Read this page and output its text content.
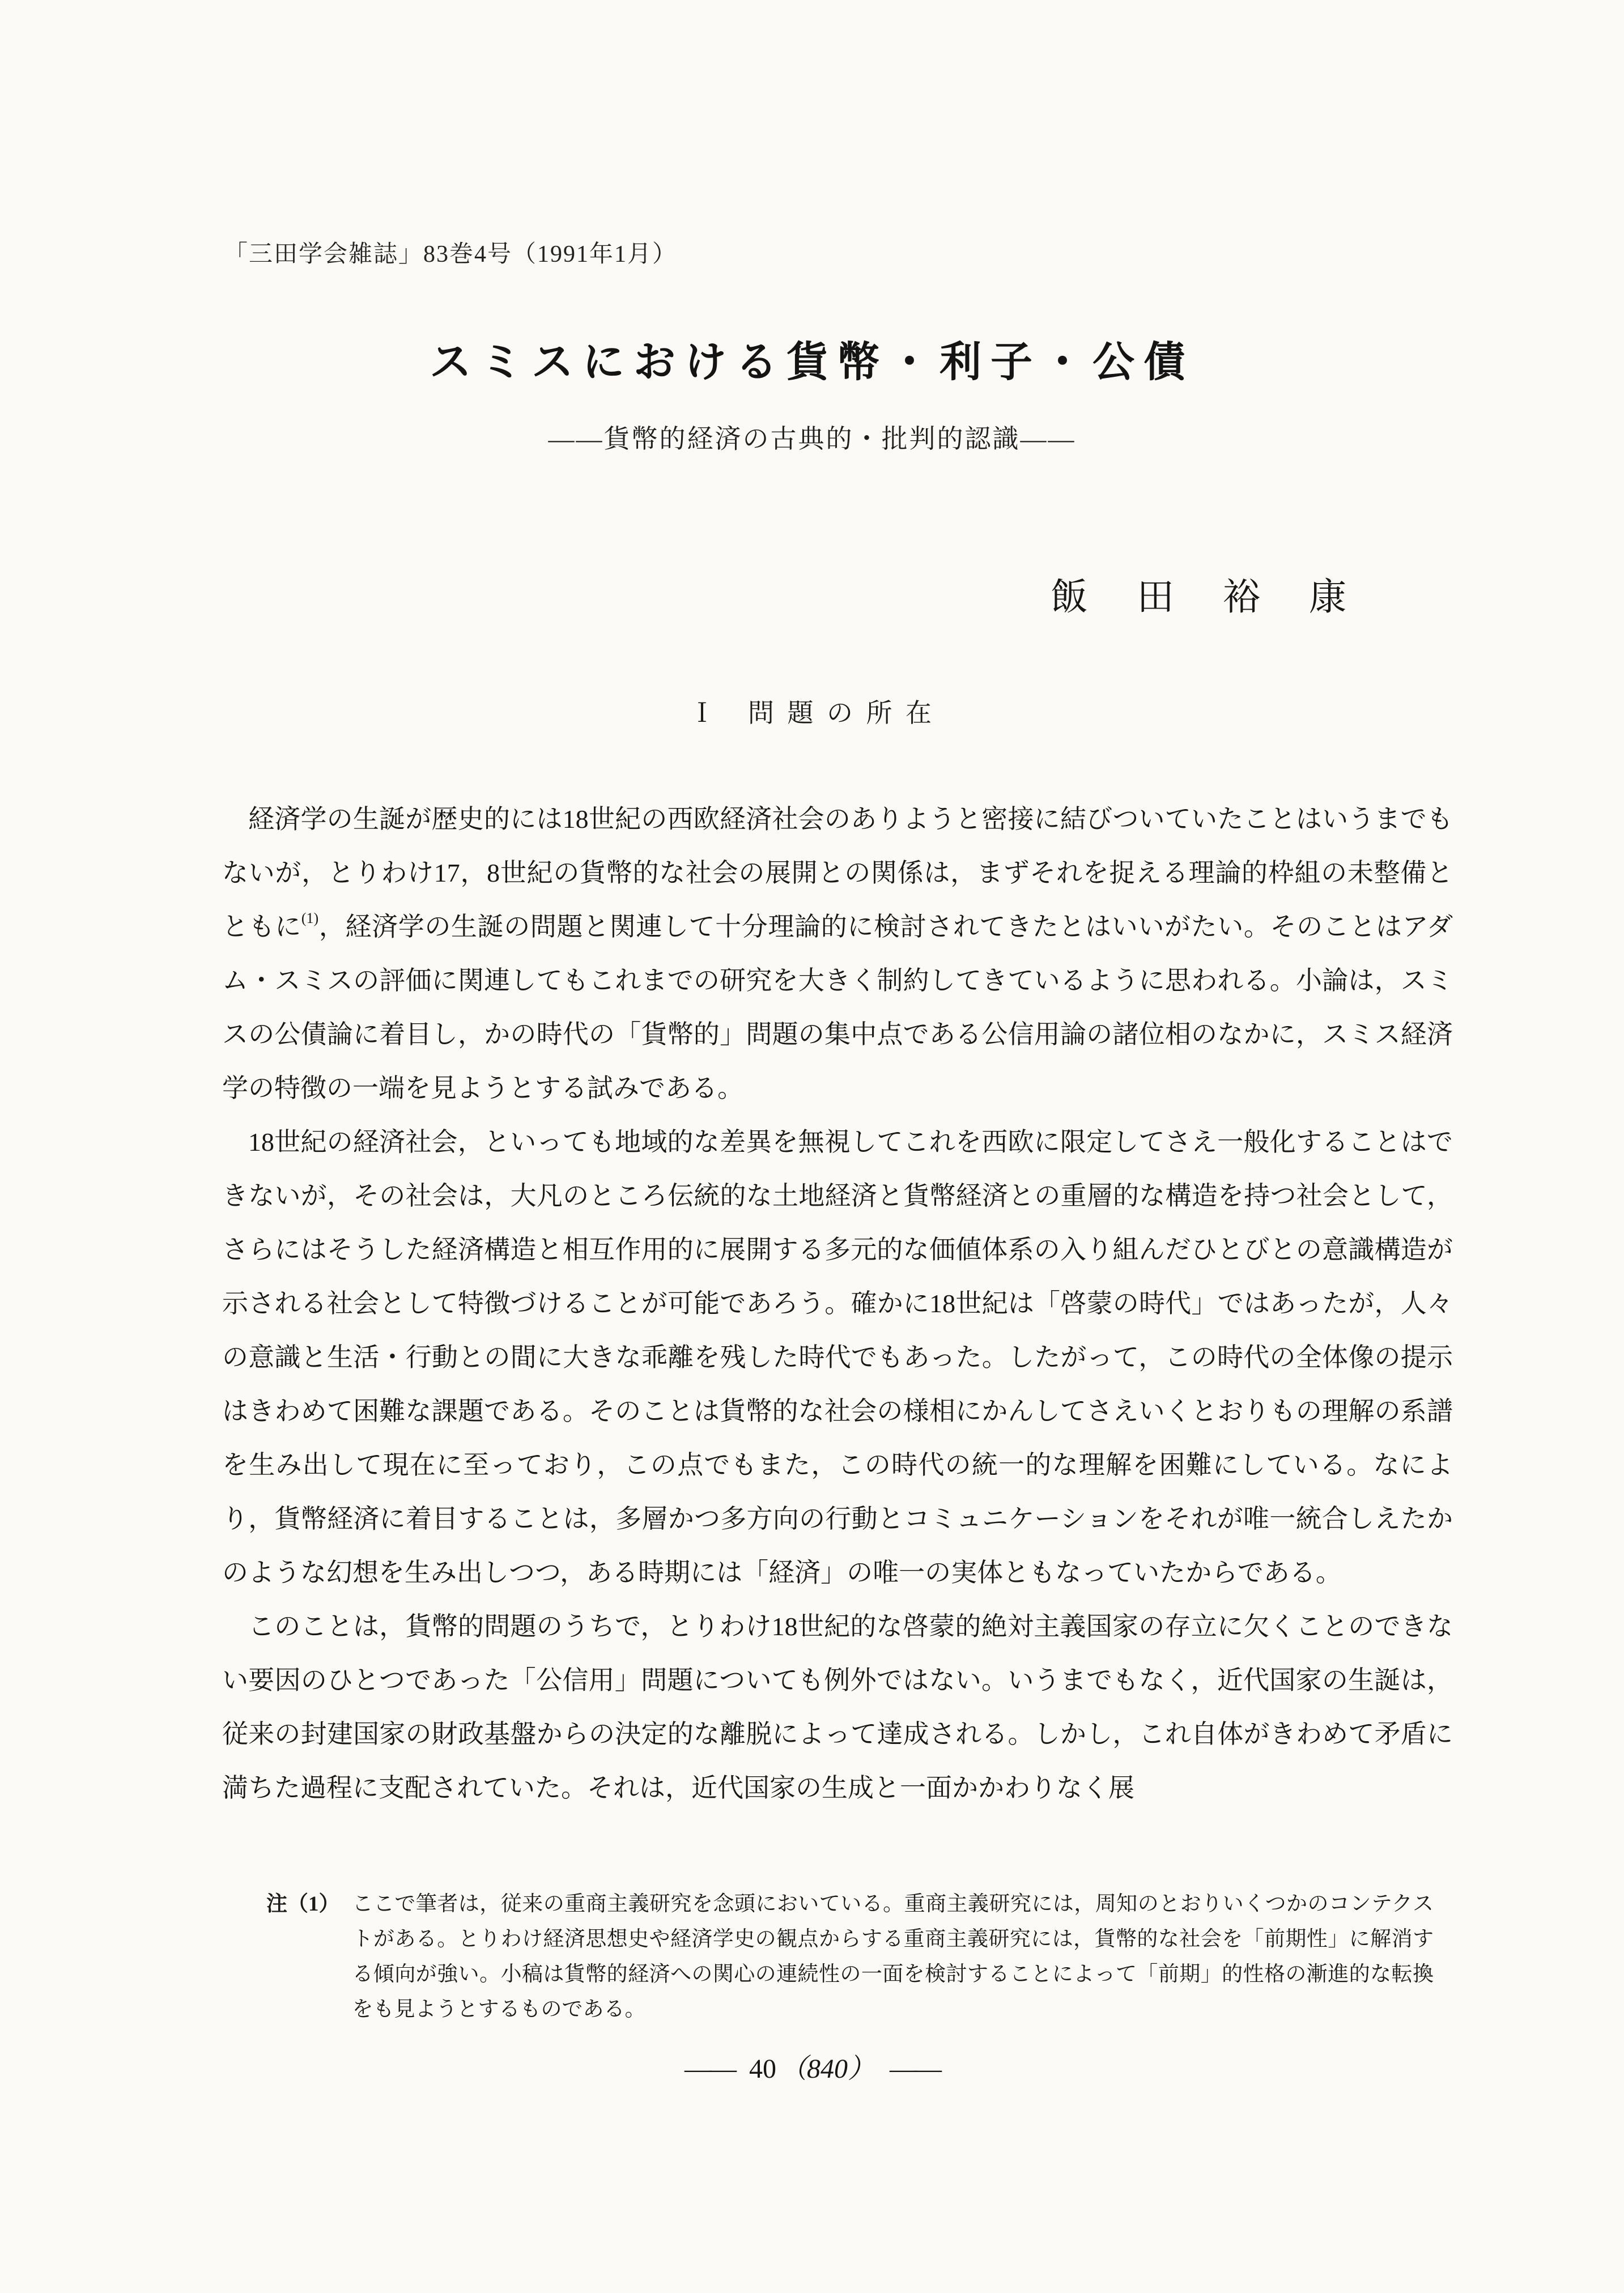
「三田学会雑誌」83巻4号（1991年1月）
スミスにおける貨幣・利子・公債
――貨幣的経済の古典的・批判的認識――
飯　田　裕　康
Ｉ　問 題 の 所 在

経済学の生誕が歴史的には18世紀の西欧経済社会のありようと密接に結びついていたことはいうまでもないが，とりわけ17，8世紀の貨幣的な社会の展開との関係は，まずそれを捉える理論的枠組の未整備とともに$^{(1)}$，経済学の生誕の問題と関連して十分理論的に検討されてきたとはいいがたい。そのことはアダム・スミスの評価に関連してもこれまでの研究を大きく制約してきているように思われる。小論は，スミスの公債論に着目し，かの時代の「貨幣的」問題の集中点である公信用論の諸位相のなかに，スミス経済学の特徴の一端を見ようとする試みである。

18世紀の経済社会，といっても地域的な差異を無視してこれを西欧に限定してさえ一般化することはできないが，その社会は，大凡のところ伝統的な土地経済と貨幣経済との重層的な構造を持つ社会として，さらにはそうした経済構造と相互作用的に展開する多元的な価値体系の入り組んだひとびとの意識構造が示される社会として特徴づけることが可能であろう。確かに18世紀は「啓蒙の時代」ではあったが，人々の意識と生活・行動との間に大きな乖離を残した時代でもあった。したがって，この時代の全体像の提示はきわめて困難な課題である。そのことは貨幣的な社会の様相にかんしてさえいくとおりもの理解の系譜を生み出して現在に至っており，この点でもまた，この時代の統一的な理解を困難にしている。なにより，貨幣経済に着目することは，多層かつ多方向の行動とコミュニケーションをそれが唯一統合しえたかのような幻想を生み出しつつ，ある時期には「経済」の唯一の実体ともなっていたからである。

このことは，貨幣的問題のうちで，とりわけ18世紀的な啓蒙的絶対主義国家の存立に欠くことのできない要因のひとつであった「公信用」問題についても例外ではない。いうまでもなく，近代国家の生誕は，従来の封建国家の財政基盤からの決定的な離脱によって達成される。しかし，これ自体がきわめて矛盾に満ちた過程に支配されていた。それは，近代国家の生成と一面かかわりなく展

注（1） ここで筆者は，従来の重商主義研究を念頭においている。重商主義研究には，周知のとおりいくつかのコンテクストがある。とりわけ経済思想史や経済学史の観点からする重商主義研究には，貨幣的な社会を「前期性」に解消する傾向が強い。小稿は貨幣的経済への関心の連続性の一面を検討することによって「前期」的性格の漸進的な転換をも見ようとするものである。
―― 40 （840） ――
